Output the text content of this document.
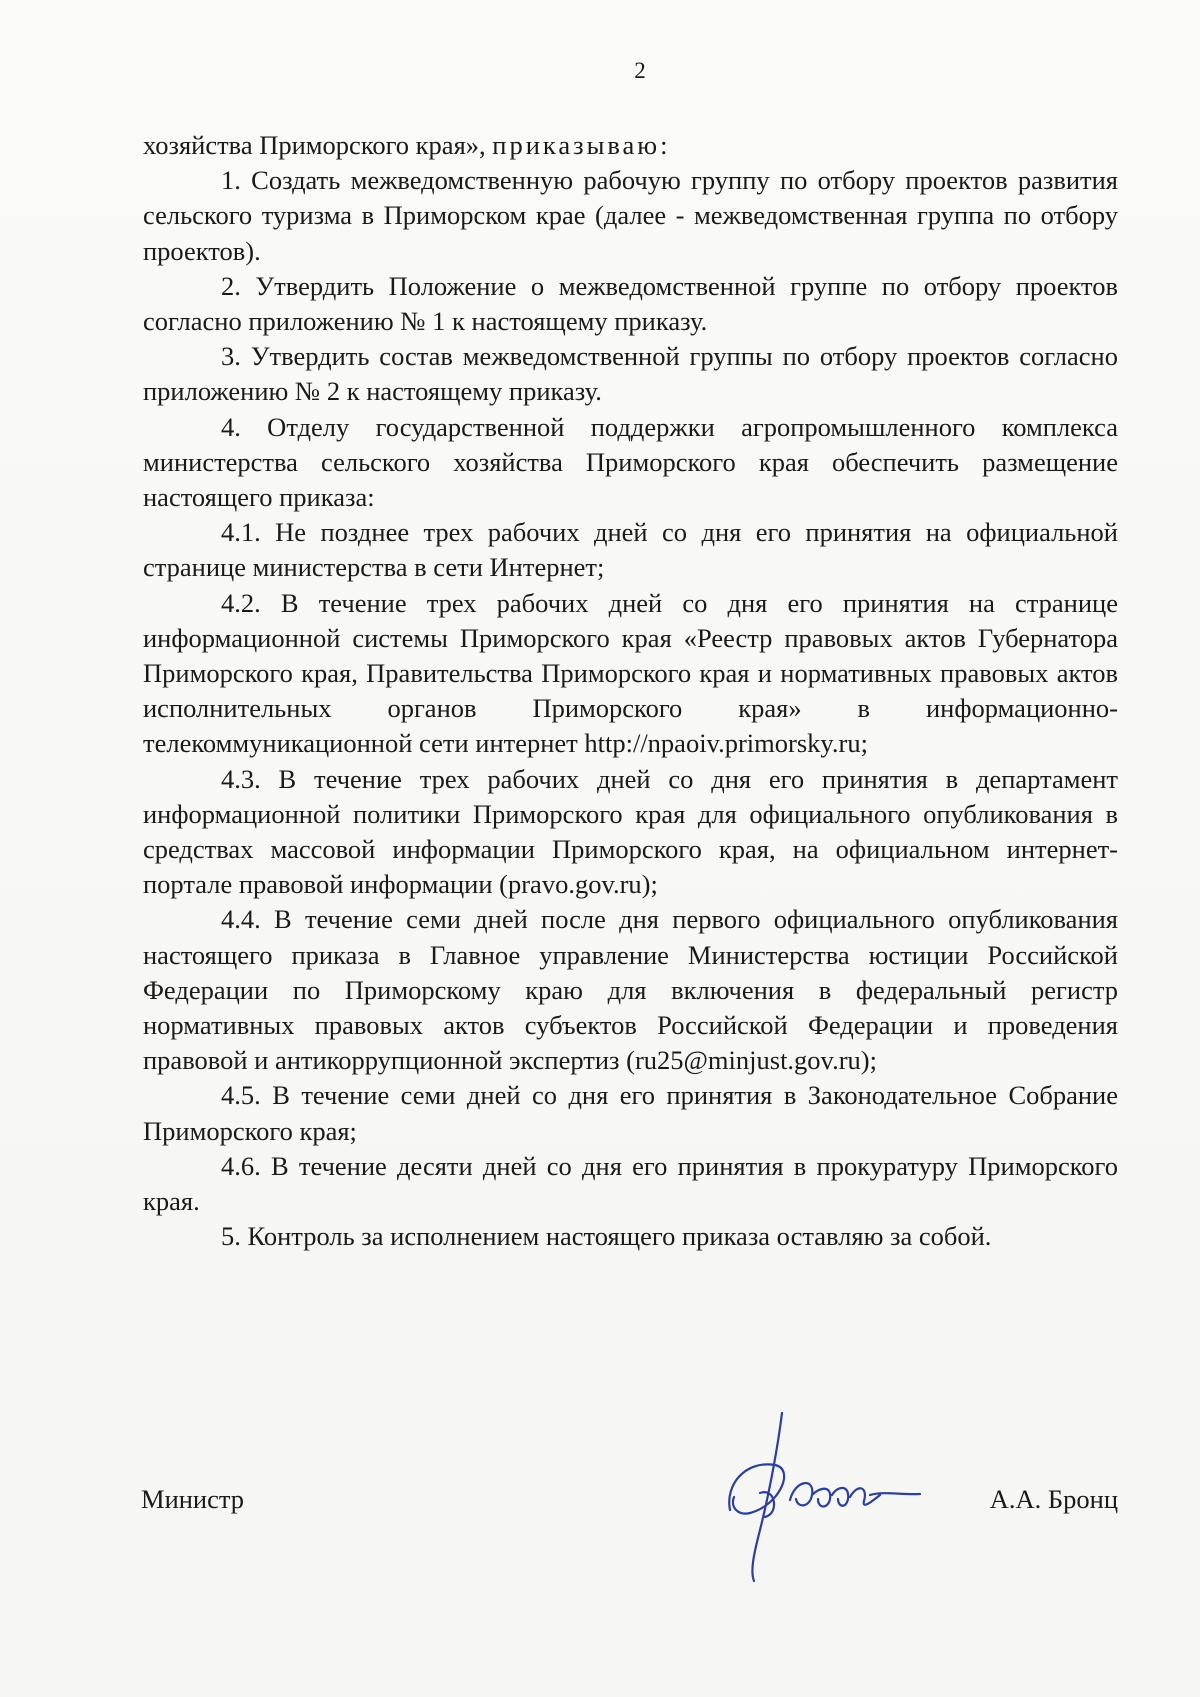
2

хозяйства Приморского края», приказываю:

1. Создать межведомственную рабочую группу по отбору проектов развития сельского туризма в Приморском крае (далее - межведомственная группа по отбору проектов).

2. Утвердить Положение о межведомственной группе по отбору проектов согласно приложению № 1 к настоящему приказу.

3. Утвердить состав межведомственной группы по отбору проектов согласно приложению № 2 к настоящему приказу.

4. Отделу государственной поддержки агропромышленного комплекса министерства сельского хозяйства Приморского края обеспечить размещение настоящего приказа:

4.1. Не позднее трех рабочих дней со дня его принятия на официальной странице министерства в сети Интернет;

4.2. В течение трех рабочих дней со дня его принятия на странице информационной системы Приморского края «Реестр правовых актов Губернатора Приморского края, Правительства Приморского края и нормативных правовых актов исполнительных органов Приморского края» в информационно-телекоммуникационной сети интернет http://npaoiv.primorsky.ru;

4.3. В течение трех рабочих дней со дня его принятия в департамент информационной политики Приморского края для официального опубликования в средствах массовой информации Приморского края, на официальном интернет-портале правовой информации (pravo.gov.ru);

4.4. В течение семи дней после дня первого официального опубликования настоящего приказа в Главное управление Министерства юстиции Российской Федерации по Приморскому краю для включения в федеральный регистр нормативных правовых актов субъектов Российской Федерации и проведения правовой и антикоррупционной экспертиз (ru25@minjust.gov.ru);

4.5. В течение семи дней со дня его принятия в Законодательное Собрание Приморского края;

4.6. В течение десяти дней со дня его принятия в прокуратуру Приморского края.

5. Контроль за исполнением настоящего приказа оставляю за собой.

Министр	А.А. Бронц
